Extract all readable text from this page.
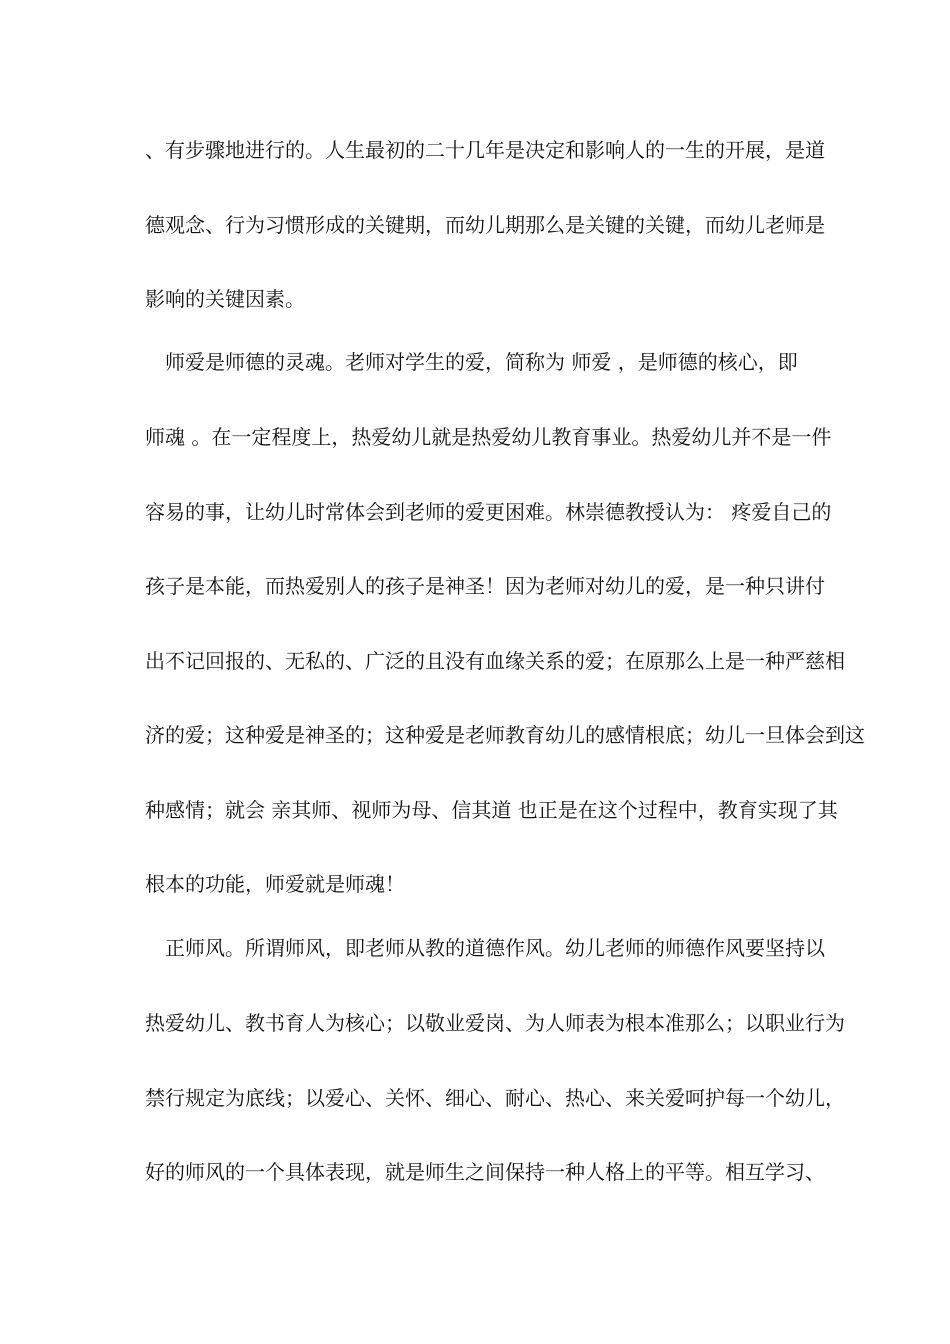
、有步骤地进行的。人生最初的二十几年是决定和影响人的一生的开展，是道
德观念、行为习惯形成的关键期，而幼儿期那么是关键的关键，而幼儿老师是
影响的关键因素。
　师爱是师德的灵魂。老师对学生的爱，简称为 师爱 ，是师德的核心，即
师魂 。在一定程度上，热爱幼儿就是热爱幼儿教育事业。热爱幼儿并不是一件
容易的事，让幼儿时常体会到老师的爱更困难。林崇德教授认为： 疼爱自己的
孩子是本能，而热爱别人的孩子是神圣！因为老师对幼儿的爱，是一种只讲付
出不记回报的、无私的、广泛的且没有血缘关系的爱；在原那么上是一种严慈相
济的爱；这种爱是神圣的；这种爱是老师教育幼儿的感情根底；幼儿一旦体会到这
种感情；就会 亲其师、视师为母、信其道 也正是在这个过程中，教育实现了其
根本的功能，师爱就是师魂！
　正师风。所谓师风，即老师从教的道德作风。幼儿老师的师德作风要坚持以
热爱幼儿、教书育人为核心；以敬业爱岗、为人师表为根本准那么；以职业行为
禁行规定为底线；以爱心、关怀、细心、耐心、热心、来关爱呵护每一个幼儿，
好的师风的一个具体表现，就是师生之间保持一种人格上的平等。相互学习、
